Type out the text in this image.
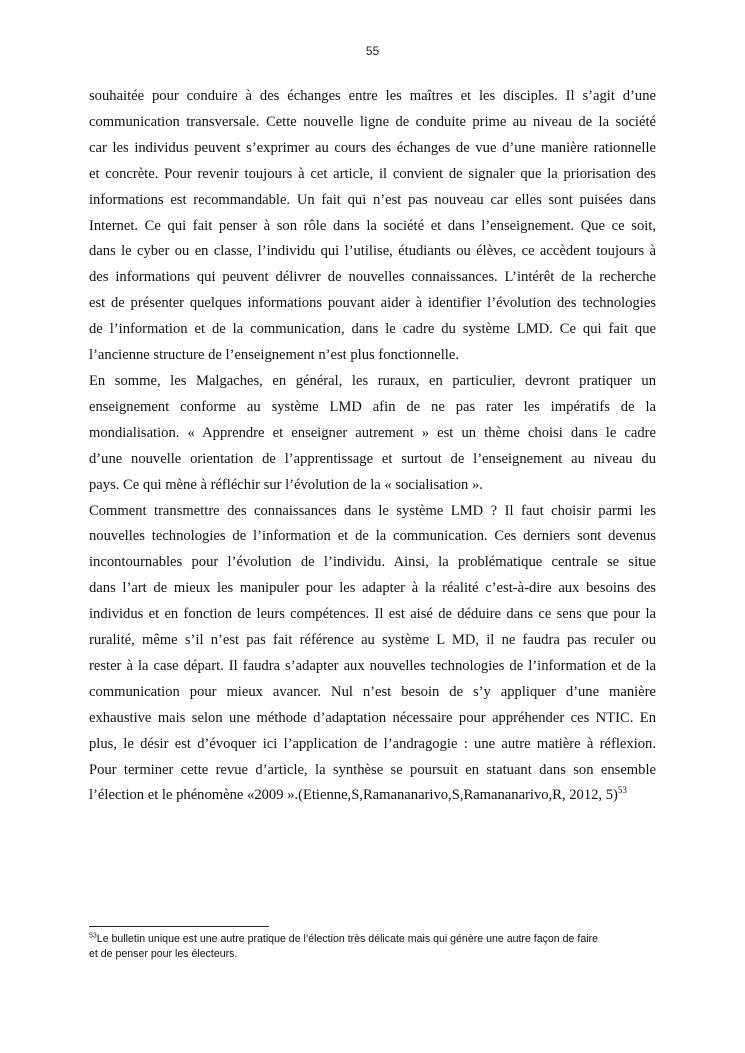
55

souhaitée pour conduire à des échanges entre les maîtres et les disciples. Il s’agit d’une
communication transversale. Cette nouvelle ligne de conduite prime au niveau de la société
car les individus peuvent s’exprimer au cours des échanges de vue d’une manière rationnelle
et concrète. Pour revenir toujours à cet article, il convient de signaler que la priorisation des
informations est recommandable. Un fait qui n’est pas nouveau car elles sont puisées dans
Internet. Ce qui fait penser à son rôle dans la société et dans l’enseignement. Que ce soit,
dans le cyber ou en classe, l’individu qui l’utilise, étudiants ou élèves, ce accèdent toujours à
des informations qui peuvent délivrer de nouvelles connaissances. L’intérêt de la recherche
est de présenter quelques informations pouvant aider à identifier l’évolution des technologies
de l’information et de la communication, dans le cadre du système LMD. Ce qui fait que
l’ancienne structure de l’enseignement n’est plus fonctionnelle.

En somme, les Malgaches, en général, les ruraux, en particulier, devront pratiquer un
enseignement conforme au système LMD afin de ne pas rater les impératifs de la
mondialisation. « Apprendre et enseigner autrement » est un thème choisi dans le cadre
d’une nouvelle orientation de l’apprentissage et surtout de l’enseignement au niveau du
pays. Ce qui mène à réfléchir sur l’évolution de la « socialisation ».

Comment transmettre des connaissances dans le système LMD ? Il faut choisir parmi les
nouvelles technologies de l’information et de la communication. Ces derniers sont devenus
incontournables pour l’évolution de l’individu. Ainsi, la problématique centrale se situe
dans l’art de mieux les manipuler pour les adapter à la réalité c’est-à-dire aux besoins des
individus et en fonction de leurs compétences. Il est aisé de déduire dans ce sens que pour la
ruralité, même s’il n’est pas fait référence au système L MD, il ne faudra pas reculer ou
rester à la case départ. Il faudra s’adapter aux nouvelles technologies de l’information et de la
communication pour mieux avancer. Nul n’est besoin de s’y appliquer d’une manière
exhaustive mais selon une méthode d’adaptation nécessaire pour appréhender ces NTIC. En
plus, le désir est d’évoquer ici l’application de l’andragogie : une autre matière à réflexion.
Pour terminer cette revue d’article, la synthèse se poursuit en statuant dans son ensemble
l’élection et le phénomène «2009 ».(Etienne,S,Ramananarivo,S,Ramananarivo,R, 2012, 5)$^{53}$

$^{53}$Le bulletin unique est une autre pratique de l’élection très délicate mais qui génère une autre façon de faire
et de penser pour les électeurs.
